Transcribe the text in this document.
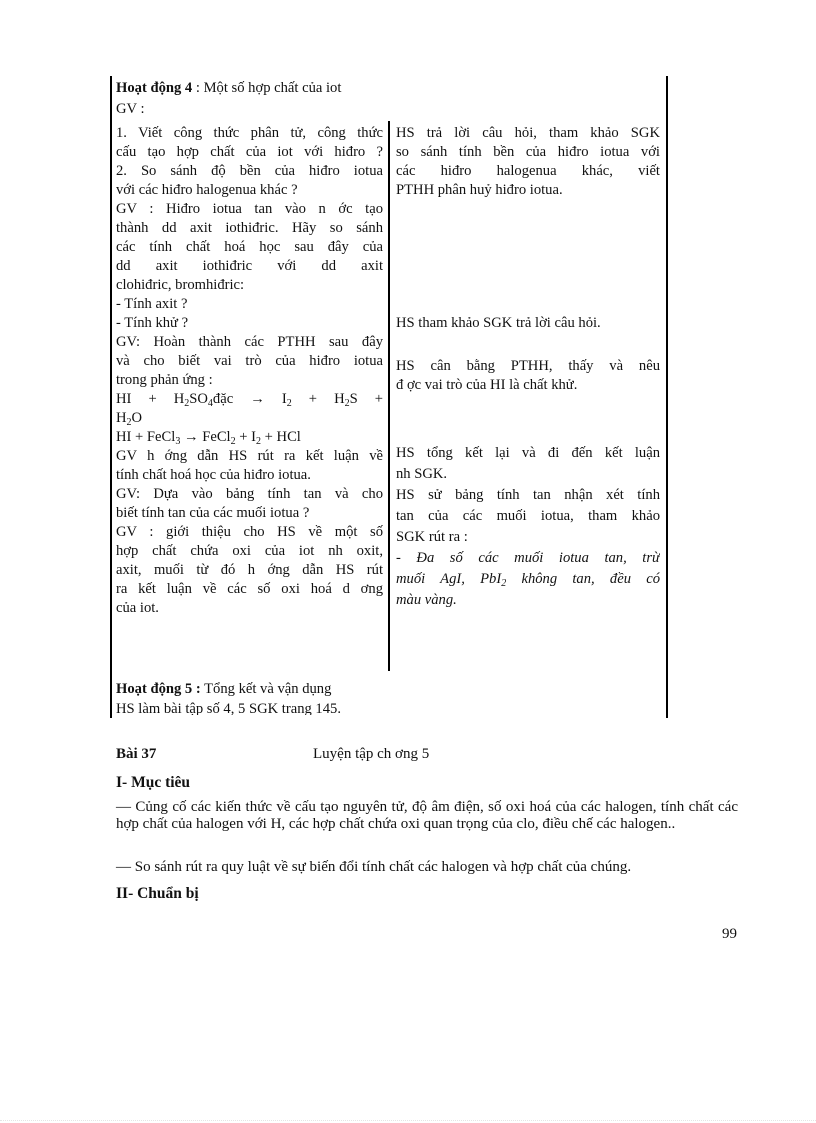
Hoạt động 4 : Một số hợp chất của iot
GV :
1. Viết công thức phân tử, công thức
cấu tạo hợp chất của iot với hiđro ?
2. So sánh độ bền của hiđro iotua
với các hiđro halogenua khác ?
GV : Hiđro iotua tan vào n ớc tạo
thành dd axit iothiđric. Hãy so sánh
các tính chất hoá học sau đây của
dd axit iothiđric với dd axit
clohiđric, bromhiđric:
- Tính axit ?
- Tính khử ?
GV: Hoàn thành các PTHH sau đây
và cho biết vai trò của hiđro iotua
trong phản ứng :
HI + $H_2SO_4đặc \to I_2 + H_2S$ +
$H_2O$
HI + FeCl$_3$ → FeCl$_2$ + $I_2$ + HCl
GV h ớng dẫn HS rút ra kết luận về
tính chất hoá học của hiđro iotua.
GV: Dựa vào bảng tính tan và cho
biết tính tan của các muối iotua ?
GV : giới thiệu cho HS về một số
hợp chất chứa oxi của iot nh oxit,
axit, muối từ đó h ớng dẫn HS rút
ra kết luận về các số oxi hoá d ơng
của iot.
HS trả lời câu hỏi, tham khảo SGK
so sánh tính bền của hiđro iotua với
các hiđro halogenua khác, viết
PTHH phân huỷ hiđro iotua.
HS tham khảo SGK trả lời câu hỏi.
HS cân bằng PTHH, thấy và nêu
đ ợc vai trò của HI là chất khử.
HS tổng kết lại và đi đến kết luận
nh SGK.
HS sử bảng tính tan nhận xét tính
tan của các muối iotua, tham khảo
SGK rút ra :
- Đa số các muối iotua tan, trừ
muối AgI, PbI$_2$ không tan, đều có
màu vàng.
Hoạt động 5 : Tổng kết và vận dụng
HS làm bài tập số 4, 5 SGK trang 145.
Bài 37	Luyện tập ch ơng 5
I- Mục tiêu
— Củng cố các kiến thức về cấu tạo nguyên tử, độ âm điện, số oxi hoá của các halogen, tính chất các hợp chất của halogen với H, các hợp chất chứa oxi quan trọng của clo, điều chế các halogen..
— So sánh rút ra quy luật về sự biến đổi tính chất các halogen và hợp chất của chúng.
II- Chuẩn bị
99
